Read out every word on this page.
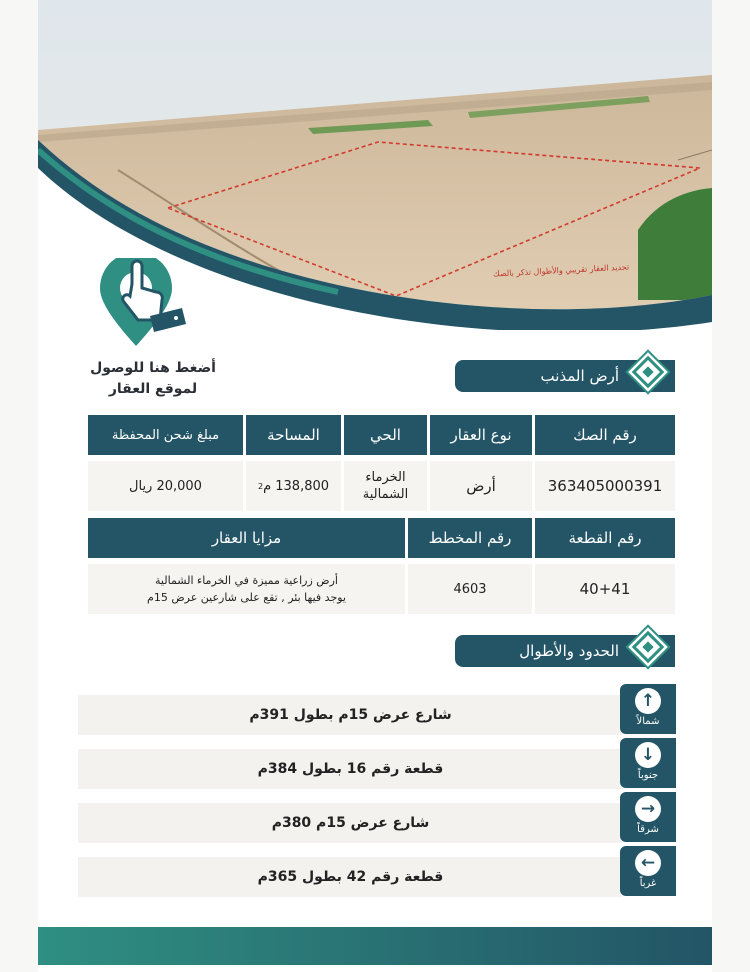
تحديد العقار تقريبي والأطوال تذكر بالصك
أضغط هنا للوصول
لموقع العقار
أرض المذنب
رقم الصك
نوع العقار
الحي
المساحة
مبلغ شحن المحفظة
363405000391
أرض
الخرماء
الشمالية
138,800

م
2
20,000 ريال
رقم القطعة
رقم المخطط
مزايا العقار
40+41
4603
أرض زراعية مميزة في الخرماء الشمالية
يوجد فيها بئر , تقع على شارعين عرض 15م
الحدود والأطوال
شارع عرض 15م بطول 391م
↑
شمالاً
قطعة رقم 16 بطول 384م
↓
جنوباً
شارع عرض 15م 380م
→
شرقاً
قطعة رقم 42 بطول 365م
←
غرباً
